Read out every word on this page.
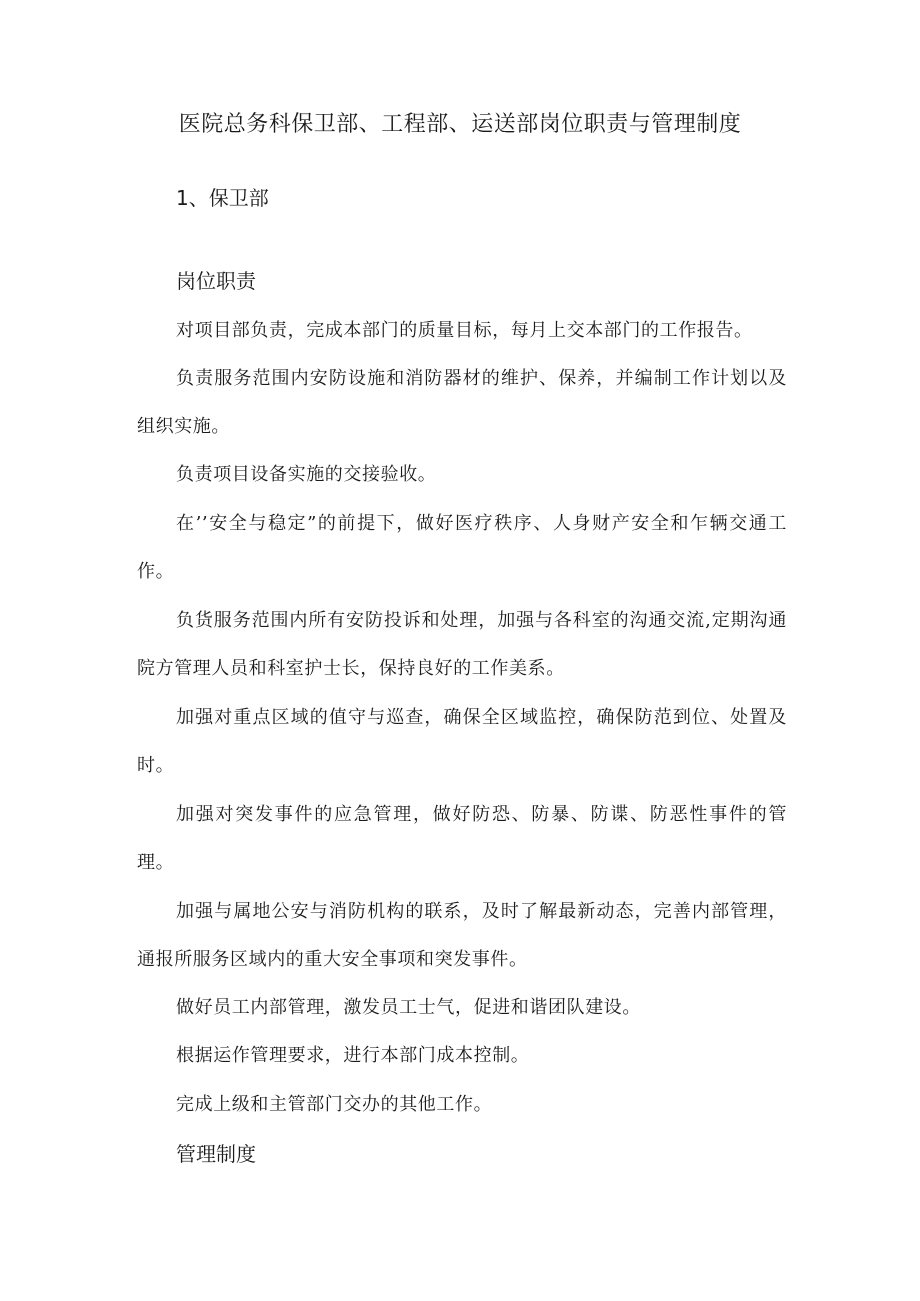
医院总务科保卫部、工程部、运送部岗位职责与管理制度
1、保卫部
岗位职责

对项目部负责，完成本部门的质量目标，每月上交本部门的工作报告。

负责服务范围内安防设施和消防器材的维护、保养，并编制工作计划以及组织实施。

负责项目设备实施的交接验收。

在’’安全与稳定”的前提下，做好医疗秩序、人身财产安全和乍辆交通工作。

负货服务范围内所有安防投诉和处理，加强与各科室的沟通交流,定期沟通院方管理人员和科室护士长，保持良好的工作美系。

加强对重点区域的值守与巡查，确保全区域监控，确保防范到位、处置及时。

加强对突发事件的应急管理，做好防恐、防暴、防谍、防恶性事件的管理。

加强与属地公安与消防机构的联系，及时了解最新动态，完善内部管理，通报所服务区域内的重大安全事项和突发事件。

做好员工内部管理，激发员工士气，促进和谐团队建设。

根据运作管理要求，进行本部门成本控制。

完成上级和主管部门交办的其他工作。

管理制度
